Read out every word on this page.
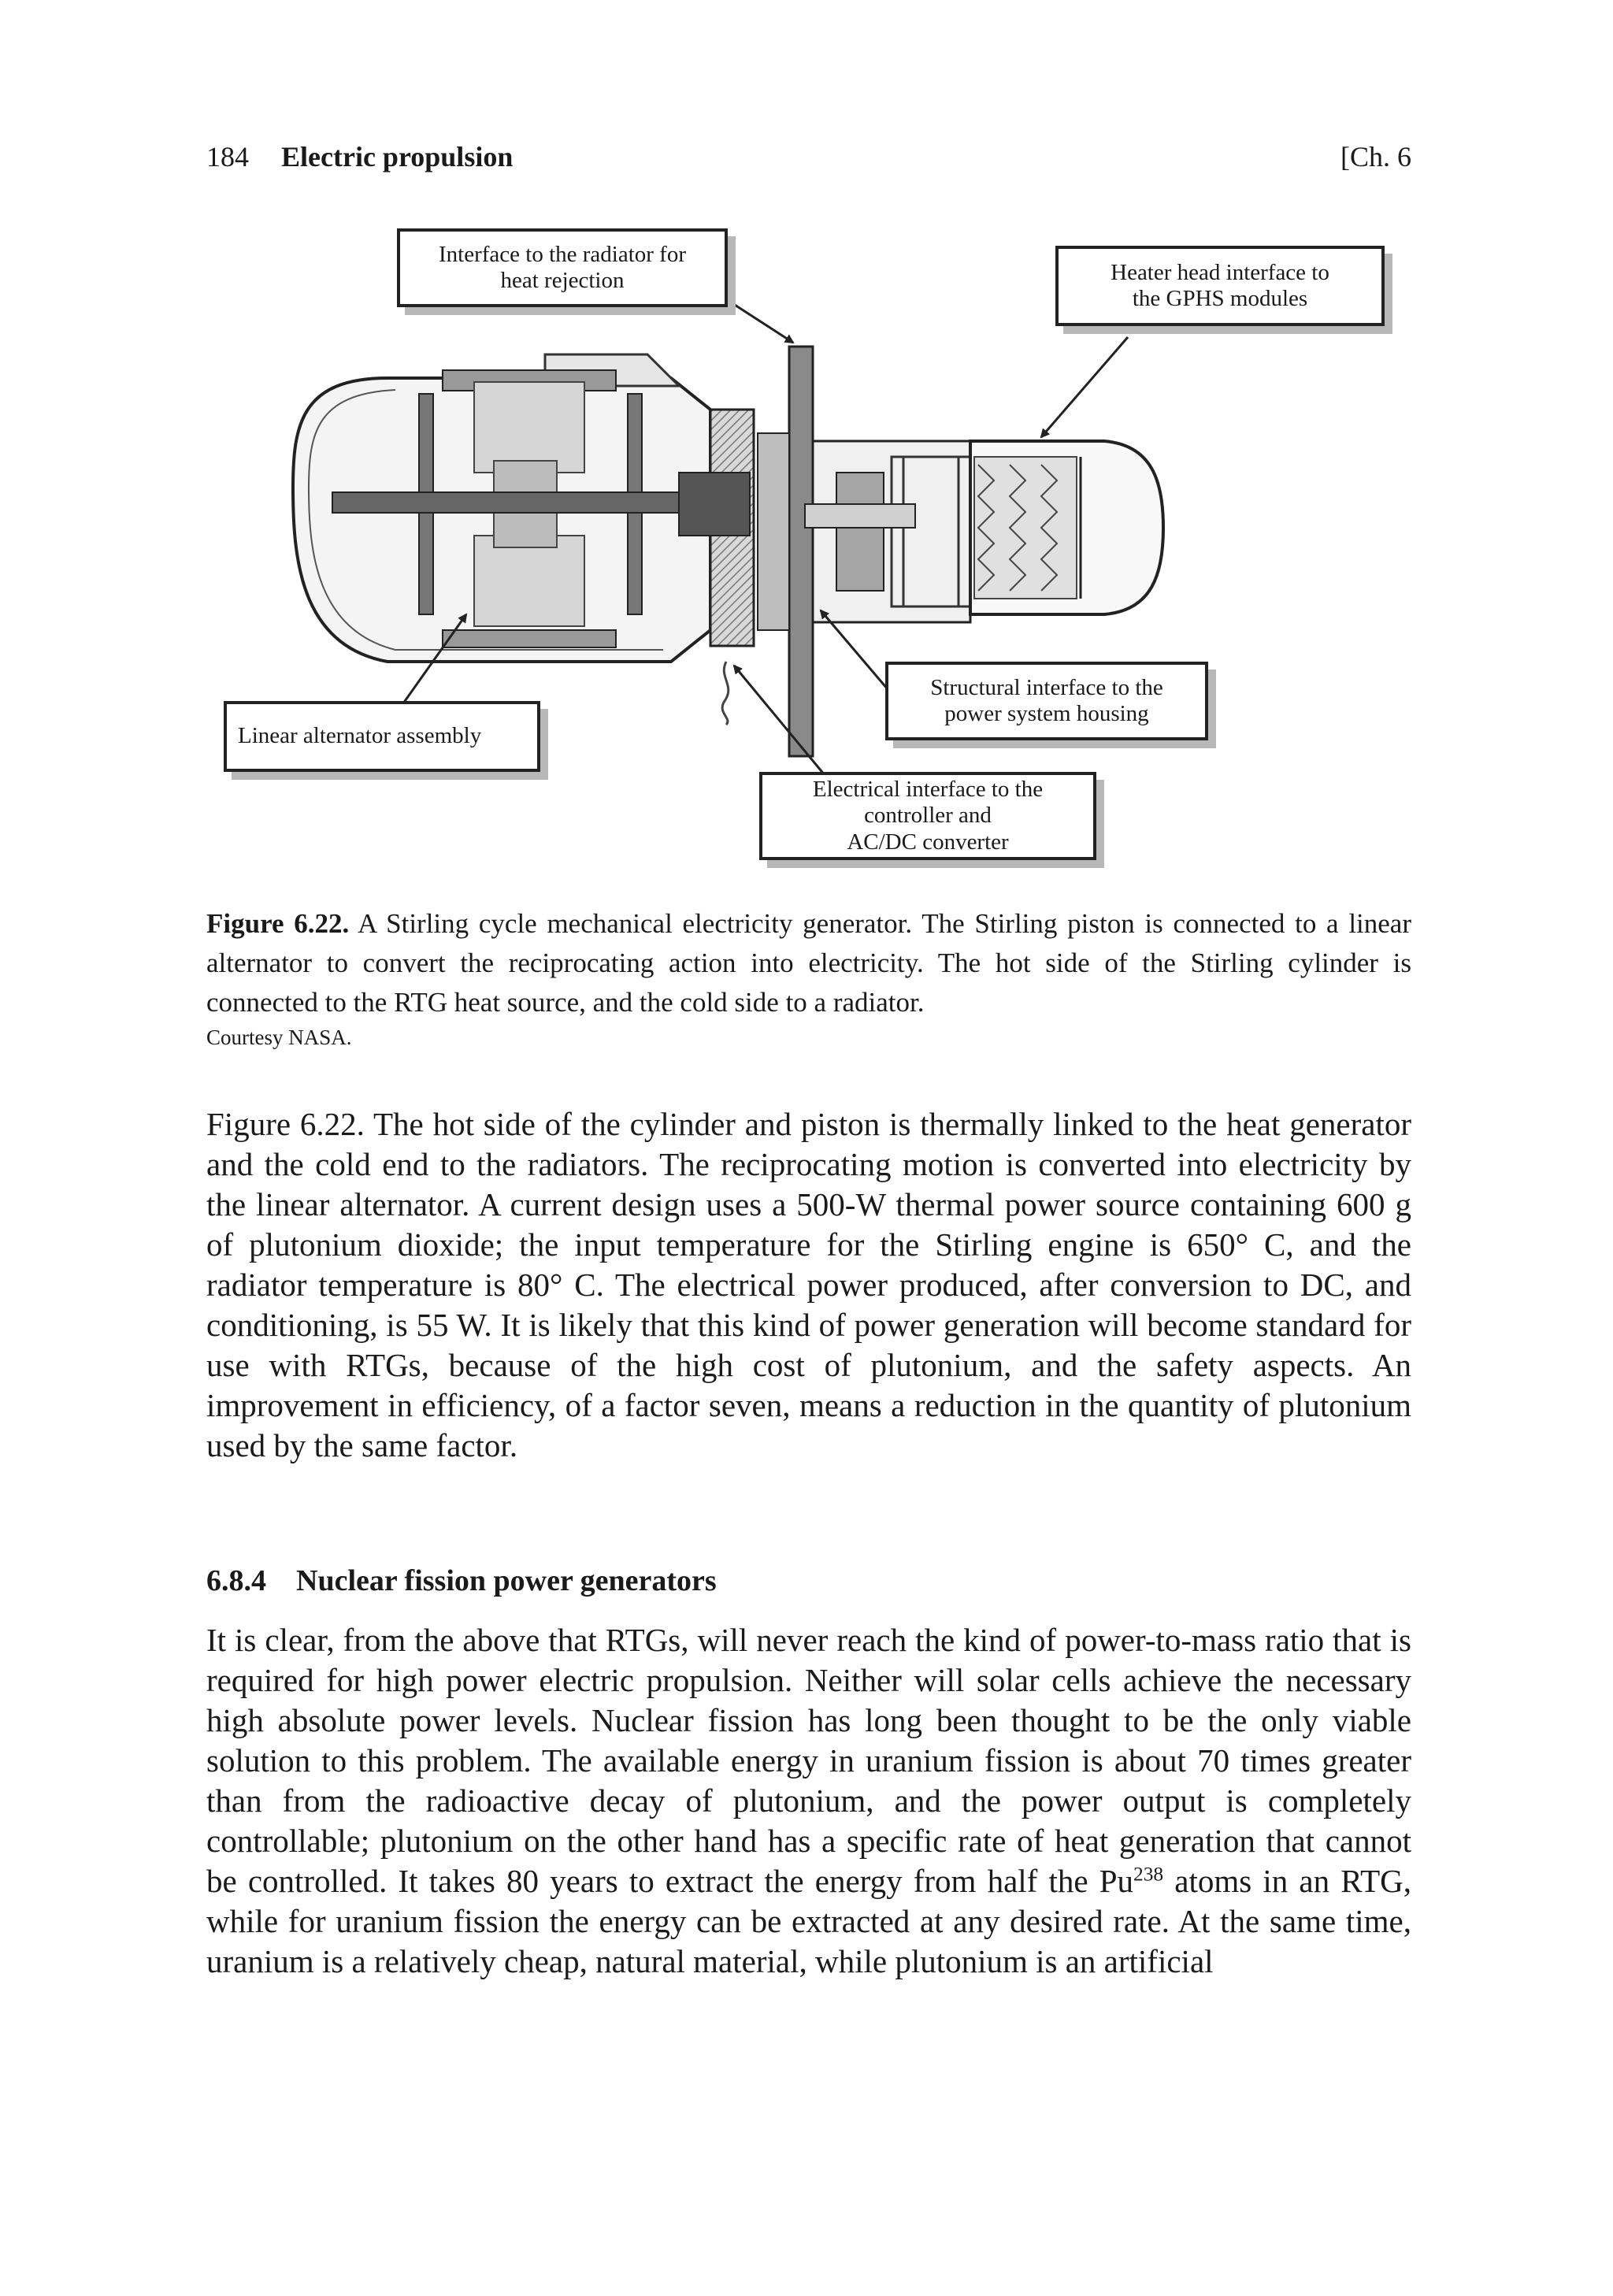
184 Electric propulsion	[Ch. 6
Interface to the radiator for
heat rejection	Heater head interface to
the GPHS modules
Linear alternator assembly
Structural interface to the
power system housing
Electrical interface to the
controller and
AC/DC converter
Figure 6.22. A Stirling cycle mechanical electricity generator. The Stirling piston is connected to a linear alternator to convert the reciprocating action into electricity. The hot side of the Stirling cylinder is connected to the RTG heat source, and the cold side to a radiator.
Courtesy NASA.

Figure 6.22. The hot side of the cylinder and piston is thermally linked to the heat generator and the cold end to the radiators. The reciprocating motion is converted into electricity by the linear alternator. A current design uses a 500-W thermal power source containing 600 g of plutonium dioxide; the input temperature for the Stirling engine is 650° C, and the radiator temperature is 80° C. The electrical power produced, after conversion to DC, and conditioning, is 55 W. It is likely that this kind of power generation will become standard for use with RTGs, because of the high cost of plutonium, and the safety aspects. An improvement in efficiency, of a factor seven, means a reduction in the quantity of plutonium used by the same factor.

6.8.4 Nuclear fission power generators

It is clear, from the above that RTGs, will never reach the kind of power-to-mass ratio that is required for high power electric propulsion. Neither will solar cells achieve the necessary high absolute power levels. Nuclear fission has long been thought to be the only viable solution to this problem. The available energy in uranium fission is about 70 times greater than from the radioactive decay of plutonium, and the power output is completely controllable; plutonium on the other hand has a specific rate of heat generation that cannot be controlled. It takes 80 years to extract the energy from half the Pu$^{238}$ atoms in an RTG, while for uranium fission the energy can be extracted at any desired rate. At the same time, uranium is a relatively cheap, natural material, while plutonium is an artificial
